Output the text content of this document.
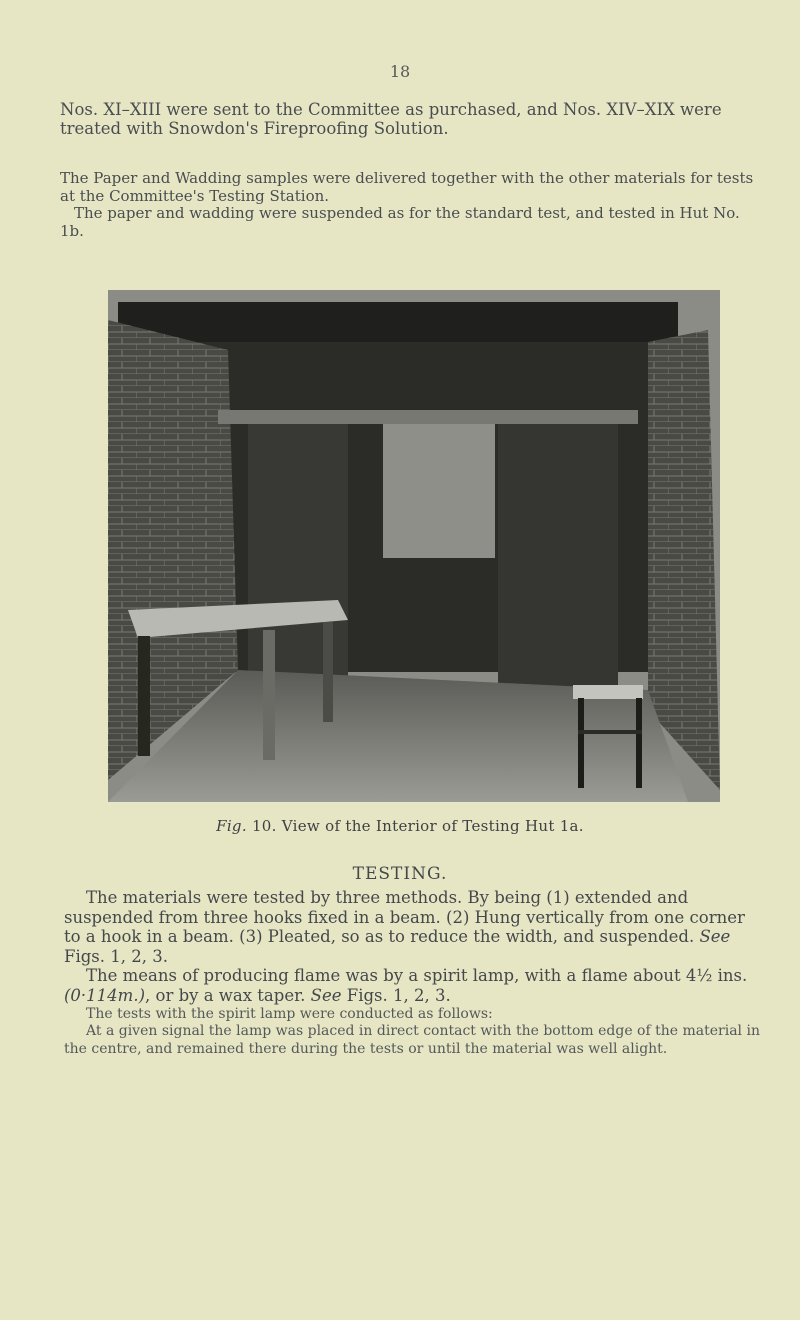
18
Nos. XI–XIII were sent to the Committee as purchased, and Nos. XIV–XIX were treated with Snowdon's Fireproofing Solution.
The Paper and Wadding samples were delivered together with the other materials for tests at the Committee's Testing Station.
The paper and wadding were suspended as for the standard test, and tested in Hut No. 1b.
Fig. 10. View of the Interior of Testing Hut 1a.
TESTING.

The materials were tested by three methods. By being (1) extended and suspended from three hooks fixed in a beam. (2) Hung vertically from one corner to a hook in a beam. (3) Pleated, so as to reduce the width, and suspended. See Figs. 1, 2, 3.

The means of producing flame was by a spirit lamp, with a flame about 4½ ins. (0·114m.), or by a wax taper. See Figs. 1, 2, 3.

The tests with the spirit lamp were conducted as follows:

At a given signal the lamp was placed in direct contact with the bottom edge of the material in the centre, and remained there during the tests or until the material was well alight.
